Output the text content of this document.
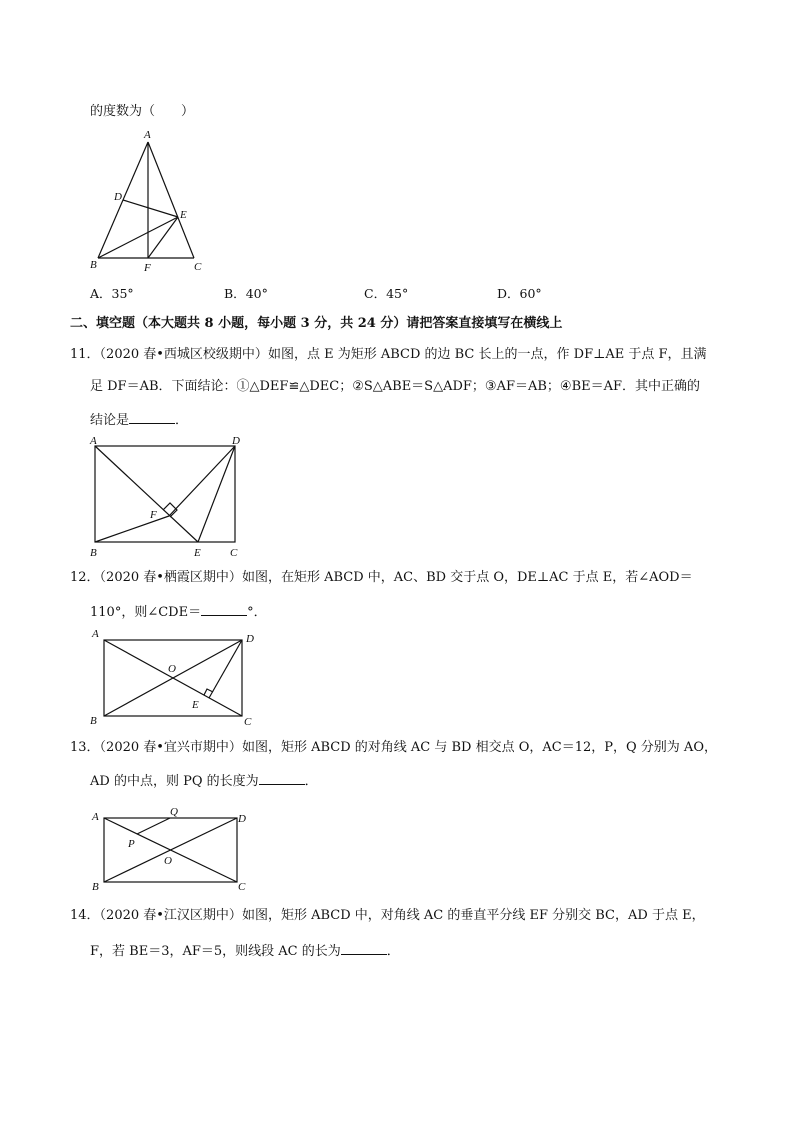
的度数为（　　）
A
D
E
B	F	C
A．35°	B．40°	C．45°	D．60°
二、填空题（本大题共 8 小题，每小题 3 分，共 24 分）请把答案直接填写在横线上
11．（2020 春•西城区校级期中）如图，点 E 为矩形 ABCD 的边 BC 长上的一点，作 DF⊥AE 于点 F，且满
足 DF＝AB．下面结论：①△DEF≌△DEC；②S△ABE＝S△ADF；③AF＝AB；④BE＝AF．其中正确的
结论是	．
A	D
F
B	E	C
12．（2020 春•栖霞区期中）如图，在矩形 ABCD 中，AC、BD 交于点 O，DE⊥AC 于点 E，若∠AOD＝
110°，则∠CDE＝	°．
A	D
O
E
B	C
13．（2020 春•宜兴市期中）如图，矩形 ABCD 的对角线 AC 与 BD 相交点 O，AC＝12，P，Q 分别为 AO，
AD 的中点，则 PQ 的长度为	．
A	Q
D
P
O
B	C
14．（2020 春•江汉区期中）如图，矩形 ABCD 中，对角线 AC 的垂直平分线 EF 分别交 BC，AD 于点 E，
F，若 BE＝3，AF＝5，则线段 AC 的长为	．
